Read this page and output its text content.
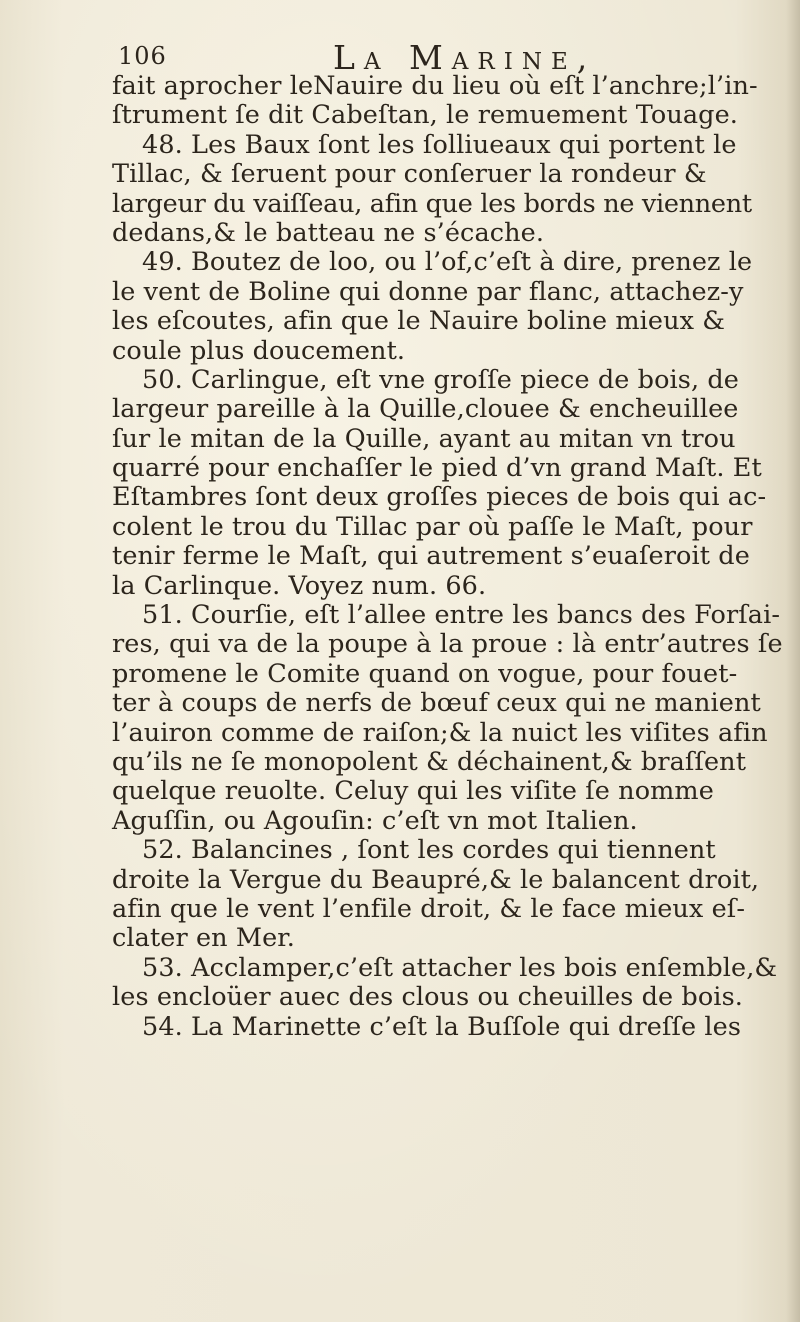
106	La Marine,
fait aprocher leNauire du lieu où eſt l’anchre;l’in-
ſtrument ſe dit Cabeſtan, le remuement Touage.
48. Les Baux ſont les ſolliueaux qui portent le
Tillac, & ſeruent pour conſeruer la rondeur &
largeur du vaiſſeau, afin que les bords ne viennent
dedans,& le batteau ne s’écache.
49. Boutez de loo, ou l’of,c’eſt à dire, prenez le
le vent de Boline qui donne par flanc, attachez-y
les eſcoutes, afin que le Nauire boline mieux &
coule plus doucement.
50. Carlingue, eſt vne groſſe piece de bois, de
largeur pareille à la Quille,clouee & encheuillee
ſur le mitan de la Quille, ayant au mitan vn trou
quarré pour enchaſſer le pied d’vn grand Maſt. Et
Eſtambres ſont deux groſſes pieces de bois qui ac-
colent le trou du Tillac par où paſſe le Maſt, pour
tenir ferme le Maſt, qui autrement s’euaſeroit de
la Carlinque. Voyez num. 66.
51. Courſie, eſt l’allee entre les bancs des Forſai-
res, qui va de la poupe à la proue : là entr’autres ſe
promene le Comite quand on vogue, pour fouet-
ter à coups de nerfs de bœuf ceux qui ne manient
l’auiron comme de raiſon;& la nuict les viſites afin
qu’ils ne ſe monopolent & déchainent,& braſſent
quelque reuolte. Celuy qui les viſite ſe nomme
Aguſſin, ou Agouſin: c’eſt vn mot Italien.
52. Balancines , ſont les cordes qui tiennent
droite la Vergue du Beaupré,& le balancent droit,
afin que le vent l’enfile droit, & le face mieux eſ-
clater en Mer.
53. Acclamper,c’eſt attacher les bois enſemble,&
les encloüer auec des clous ou cheuilles de bois.
54. La Marinette c’eſt la Buſſole qui dreſſe les
